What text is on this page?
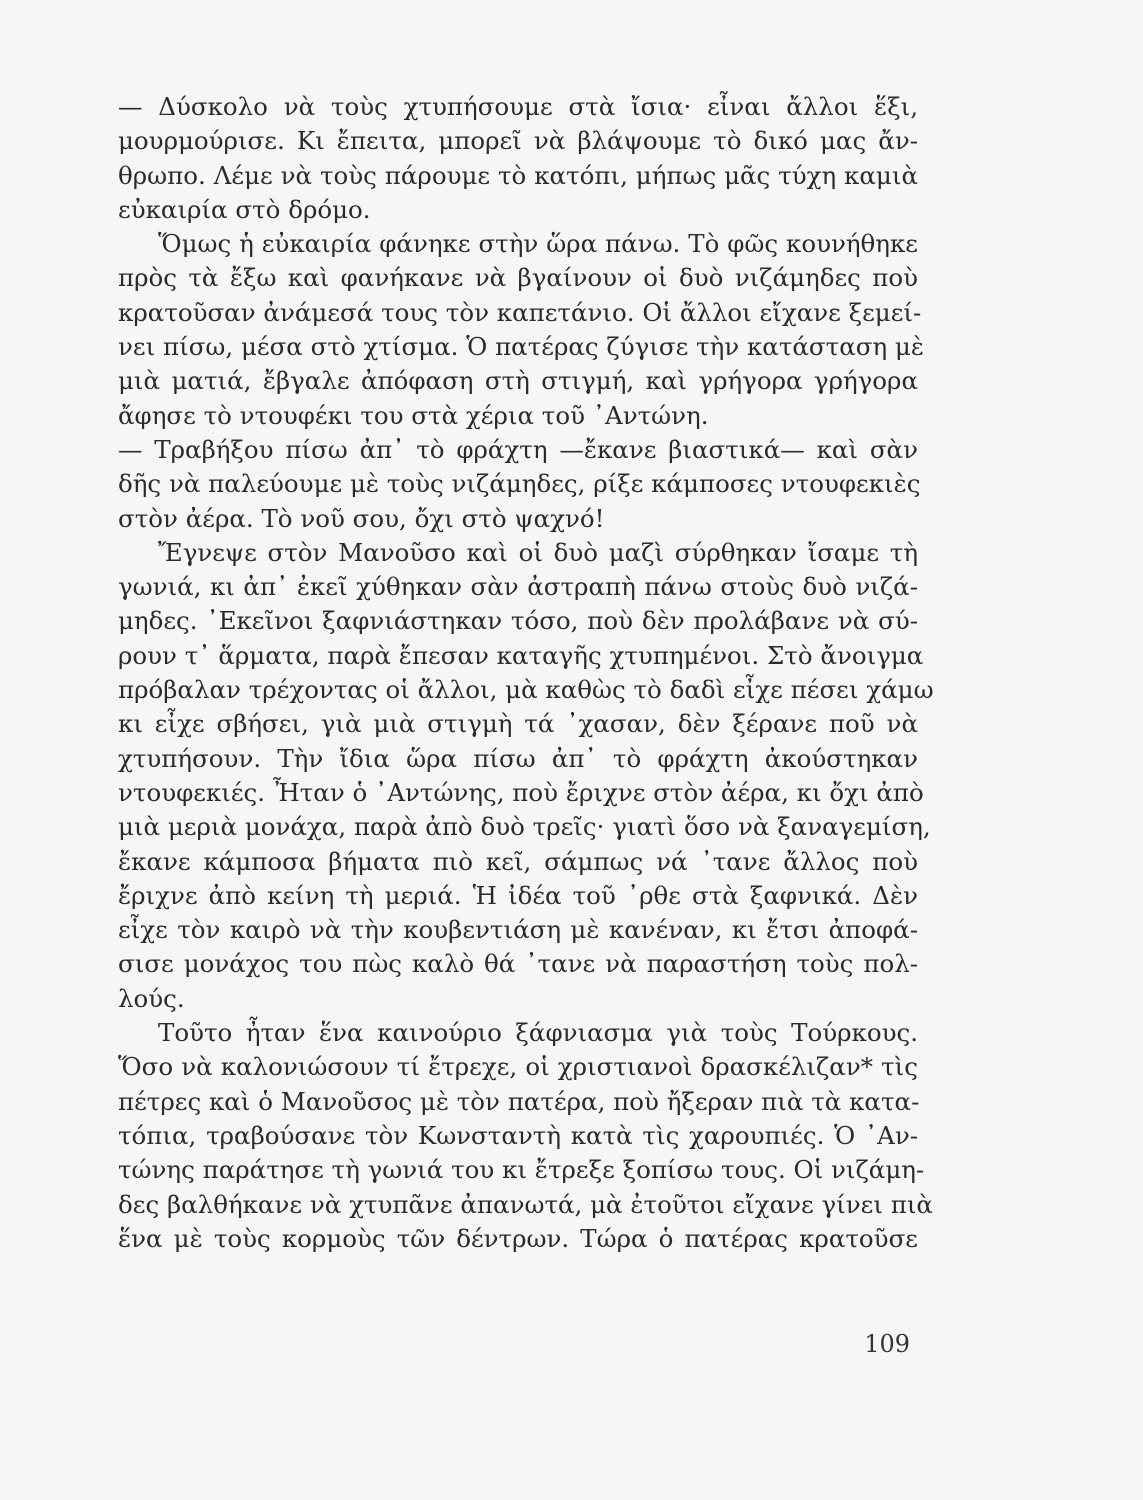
— Δύσκολο νὰ τοὺς χτυπήσουμε στὰ ἴσια· εἶναι ἄλλοι ἕξι,
μουρμούρισε. Κι ἔπειτα, μπορεῖ νὰ βλάψουμε τὸ δικό μας ἄν-
θρωπο. Λέμε νὰ τοὺς πάρουμε τὸ κατόπι, μήπως μᾶς τύχη καμιὰ
εὐκαιρία στὸ δρόμο.
Ὅμως ἡ εὐκαιρία φάνηκε στὴν ὥρα πάνω. Τὸ φῶς κουνήθηκε
πρὸς τὰ ἔξω καὶ φανήκανε νὰ βγαίνουν οἱ δυὸ νιζάμηδες ποὺ
κρατοῦσαν ἀνάμεσά τους τὸν καπετάνιο. Οἱ ἄλλοι εἴχανε ξεμεί-
νει πίσω, μέσα στὸ χτίσμα. Ὁ πατέρας ζύγισε τὴν κατάσταση μὲ
μιὰ ματιά, ἔβγαλε ἀπόφαση στὴ στιγμή, καὶ γρήγορα γρήγορα
ἄφησε τὸ ντουφέκι του στὰ χέρια τοῦ ᾿Αντώνη.
— Τραβήξου πίσω ἀπ᾿ τὸ φράχτη —ἔκανε βιαστικά— καὶ σὰν
δῆς νὰ παλεύουμε μὲ τοὺς νιζάμηδες, ρίξε κάμποσες ντουφεκιὲς
στὸν ἀέρα. Τὸ νοῦ σου, ὄχι στὸ ψαχνό!
Ἔγνεψε στὸν Μανοῦσο καὶ οἱ δυὸ μαζὶ σύρθηκαν ἴσαμε τὴ
γωνιά, κι ἀπ᾿ ἐκεῖ χύθηκαν σὰν ἀστραπὴ πάνω στοὺς δυὸ νιζά-
μηδες. ᾿Εκεῖνοι ξαφνιάστηκαν τόσο, ποὺ δὲν προλάβανε νὰ σύ-
ρουν τ᾿ ἅρματα, παρὰ ἔπεσαν καταγῆς χτυπημένοι. Στὸ ἄνοιγμα
πρόβαλαν τρέχοντας οἱ ἄλλοι, μὰ καθὼς τὸ δαδὶ εἶχε πέσει χάμω
κι εἶχε σβήσει, γιὰ μιὰ στιγμὴ τά ᾿χασαν, δὲν ξέρανε ποῦ νὰ
χτυπήσουν. Τὴν ἴδια ὥρα πίσω ἀπ᾿ τὸ φράχτη ἀκούστηκαν
ντουφεκιές. Ἦταν ὁ ᾿Αντώνης, ποὺ ἔριχνε στὸν ἀέρα, κι ὄχι ἀπὸ
μιὰ μεριὰ μονάχα, παρὰ ἀπὸ δυὸ τρεῖς· γιατὶ ὅσο νὰ ξαναγεμίση,
ἔκανε κάμποσα βήματα πιὸ κεῖ, σάμπως νά ᾿τανε ἄλλος ποὺ
ἔριχνε ἀπὸ κείνη τὴ μεριά. Ἡ ἰδέα τοῦ ᾿ρθε στὰ ξαφνικά. Δὲν
εἶχε τὸν καιρὸ νὰ τὴν κουβεντιάση μὲ κανέναν, κι ἔτσι ἀποφά-
σισε μονάχος του πὼς καλὸ θά ᾿τανε νὰ παραστήση τοὺς πολ-
λούς.
Τοῦτο ἦταν ἕνα καινούριο ξάφνιασμα γιὰ τοὺς Τούρκους.
Ὅσο νὰ καλονιώσουν τί ἔτρεχε, οἱ χριστιανοὶ δρασκέλιζαν* τὶς
πέτρες καὶ ὁ Μανοῦσος μὲ τὸν πατέρα, ποὺ ἤξεραν πιὰ τὰ κατα-
τόπια, τραβούσανε τὸν Κωνσταντὴ κατὰ τὶς χαρουπιές. Ὁ ᾿Αν-
τώνης παράτησε τὴ γωνιά του κι ἔτρεξε ξοπίσω τους. Οἱ νιζάμη-
δες βαλθήκανε νὰ χτυπᾶνε ἀπανωτά, μὰ ἐτοῦτοι εἴχανε γίνει πιὰ
ἕνα μὲ τοὺς κορμοὺς τῶν δέντρων. Τώρα ὁ πατέρας κρατοῦσε
109
